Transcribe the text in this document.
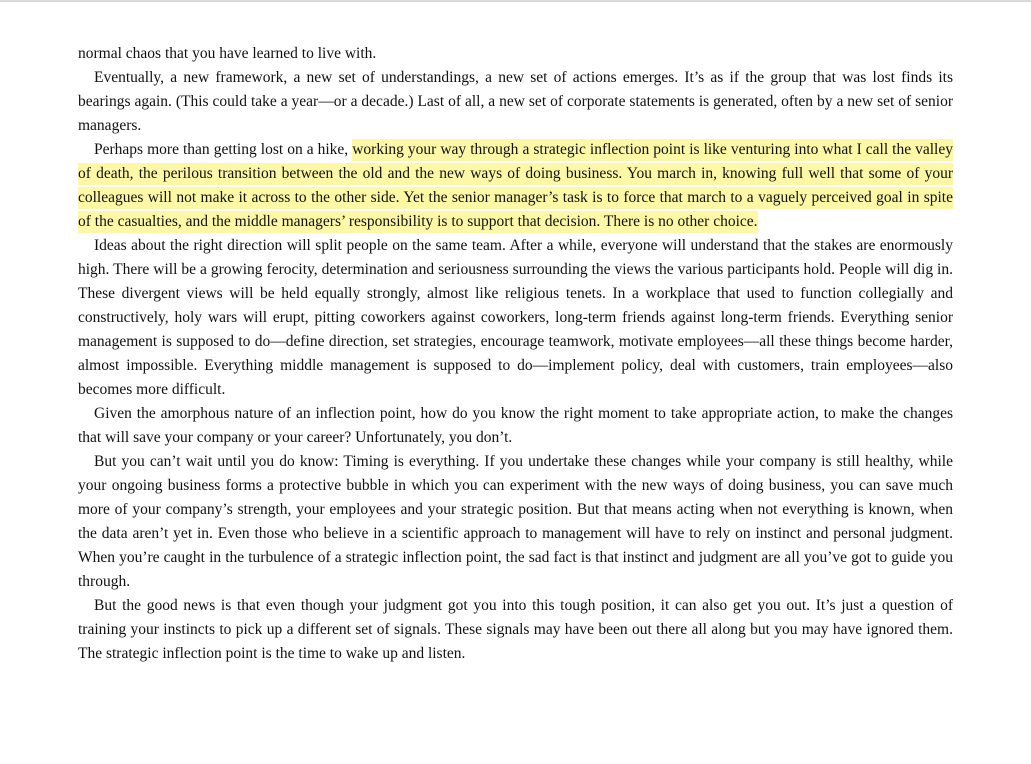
normal chaos that you have learned to live with.

Eventually, a new framework, a new set of understandings, a new set of actions emerges. It’s as if the group that was lost finds its bearings again. (This could take a year—or a decade.) Last of all, a new set of corporate statements is generated, often by a new set of senior managers.

Perhaps more than getting lost on a hike, working your way through a strategic inflection point is like venturing into what I call the valley of death, the perilous transition between the old and the new ways of doing business. You march in, knowing full well that some of your colleagues will not make it across to the other side. Yet the senior manager’s task is to force that march to a vaguely perceived goal in spite of the casualties, and the middle managers’ responsibility is to support that decision. There is no other choice.

Ideas about the right direction will split people on the same team. After a while, everyone will understand that the stakes are enormously high. There will be a growing ferocity, determination and seriousness surrounding the views the various participants hold. People will dig in. These divergent views will be held equally strongly, almost like religious tenets. In a workplace that used to function collegially and constructively, holy wars will erupt, pitting coworkers against coworkers, long-term friends against long-term friends. Everything senior management is supposed to do—define direction, set strategies, encourage teamwork, motivate employees—all these things become harder, almost impossible. Everything middle management is supposed to do—implement policy, deal with customers, train employees—also becomes more difficult.

Given the amorphous nature of an inflection point, how do you know the right moment to take appropriate action, to make the changes that will save your company or your career? Unfortunately, you don’t.

But you can’t wait until you do know: Timing is everything. If you undertake these changes while your company is still healthy, while your ongoing business forms a protective bubble in which you can experiment with the new ways of doing business, you can save much more of your company’s strength, your employees and your strategic position. But that means acting when not everything is known, when the data aren’t yet in. Even those who believe in a scientific approach to management will have to rely on instinct and personal judgment. When you’re caught in the turbulence of a strategic inflection point, the sad fact is that instinct and judgment are all you’ve got to guide you through.

But the good news is that even though your judgment got you into this tough position, it can also get you out. It’s just a question of training your instincts to pick up a different set of signals. These signals may have been out there all along but you may have ignored them. The strategic inflection point is the time to wake up and listen.
